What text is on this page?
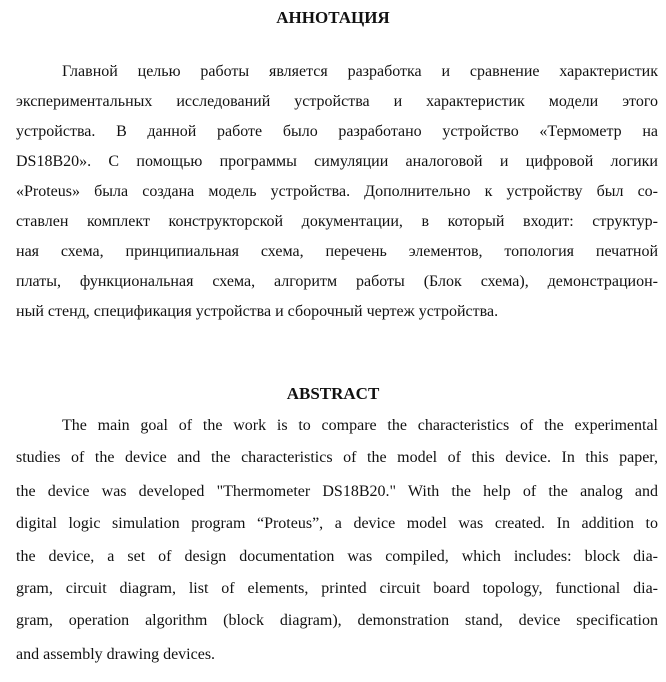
АННОТАЦИЯ
Главной целью работы является разработка и сравнение характеристик
экспериментальных исследований устройства и характеристик модели этого
устройства. В данной работе было разработано устройство «Термометр на
DS18B20». С помощью программы симуляции аналоговой и цифровой логики
«Proteus» была создана модель устройства. Дополнительно к устройству был со-
ставлен комплект конструкторской документации, в который входит: структур-
ная схема, принципиальная схема, перечень элементов, топология печатной
платы, функциональная схема, алгоритм работы (Блок схема), демонстрацион-
ный стенд, спецификация устройства и сборочный чертеж устройства.
ABSTRACT
The main goal of the work is to compare the characteristics of the experimental
studies of the device and the characteristics of the model of this device. In this paper,
the device was developed "Thermometer DS18B20." With the help of the analog and
digital logic simulation program “Proteus”, a device model was created. In addition to
the device, a set of design documentation was compiled, which includes: block dia-
gram, circuit diagram, list of elements, printed circuit board topology, functional dia-
gram, operation algorithm (block diagram), demonstration stand, device specification
and assembly drawing devices.
